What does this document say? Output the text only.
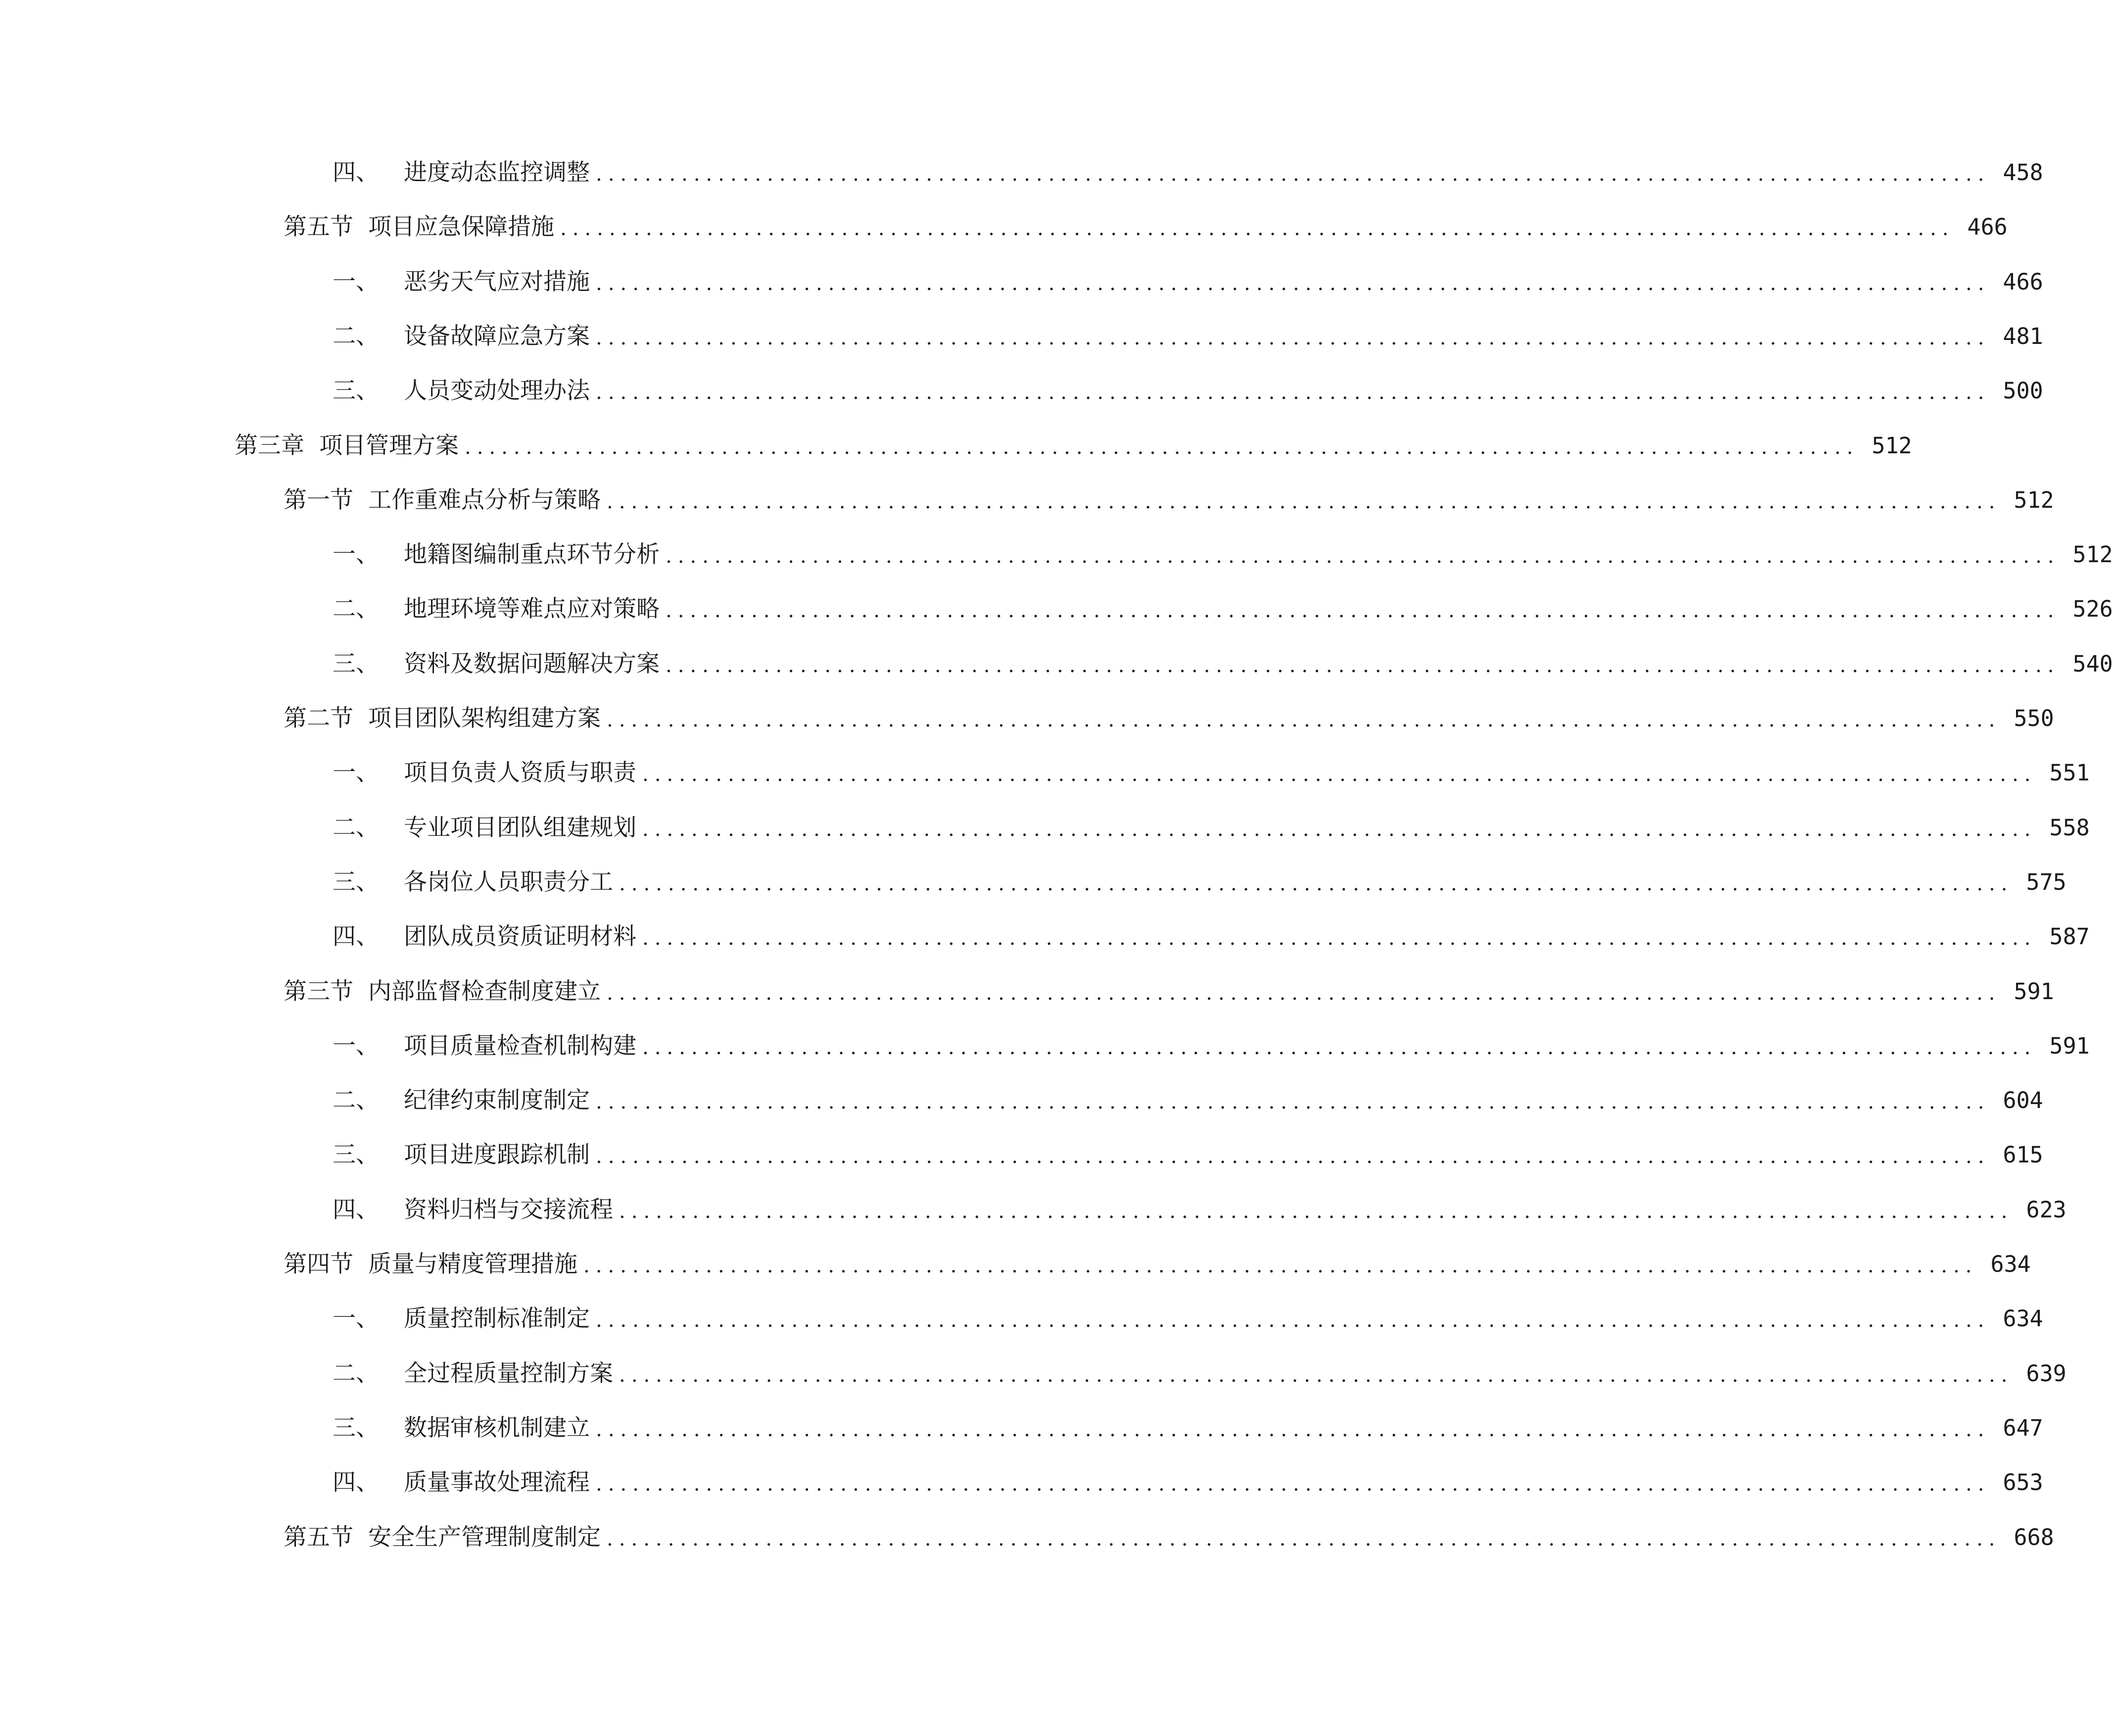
四、 进度动态监控调整 .................................................................................................................. 458
第五节 项目应急保障措施 .................................................................................................................. 466
一、 恶劣天气应对措施 .................................................................................................................. 466
二、 设备故障应急方案 .................................................................................................................. 481
三、 人员变动处理办法 .................................................................................................................. 500
第三章 项目管理方案 .................................................................................................................. 512
第一节 工作重难点分析与策略 .................................................................................................................. 512
一、 地籍图编制重点环节分析 .................................................................................................................. 512
二、 地理环境等难点应对策略 .................................................................................................................. 526
三、 资料及数据问题解决方案 .................................................................................................................. 540
第二节 项目团队架构组建方案 .................................................................................................................. 550
一、 项目负责人资质与职责 .................................................................................................................. 551
二、 专业项目团队组建规划 .................................................................................................................. 558
三、 各岗位人员职责分工 .................................................................................................................. 575
四、 团队成员资质证明材料 .................................................................................................................. 587
第三节 内部监督检查制度建立 .................................................................................................................. 591
一、 项目质量检查机制构建 .................................................................................................................. 591
二、 纪律约束制度制定 .................................................................................................................. 604
三、 项目进度跟踪机制 .................................................................................................................. 615
四、 资料归档与交接流程 .................................................................................................................. 623
第四节 质量与精度管理措施 .................................................................................................................. 634
一、 质量控制标准制定 .................................................................................................................. 634
二、 全过程质量控制方案 .................................................................................................................. 639
三、 数据审核机制建立 .................................................................................................................. 647
四、 质量事故处理流程 .................................................................................................................. 653
第五节 安全生产管理制度制定 .................................................................................................................. 668
